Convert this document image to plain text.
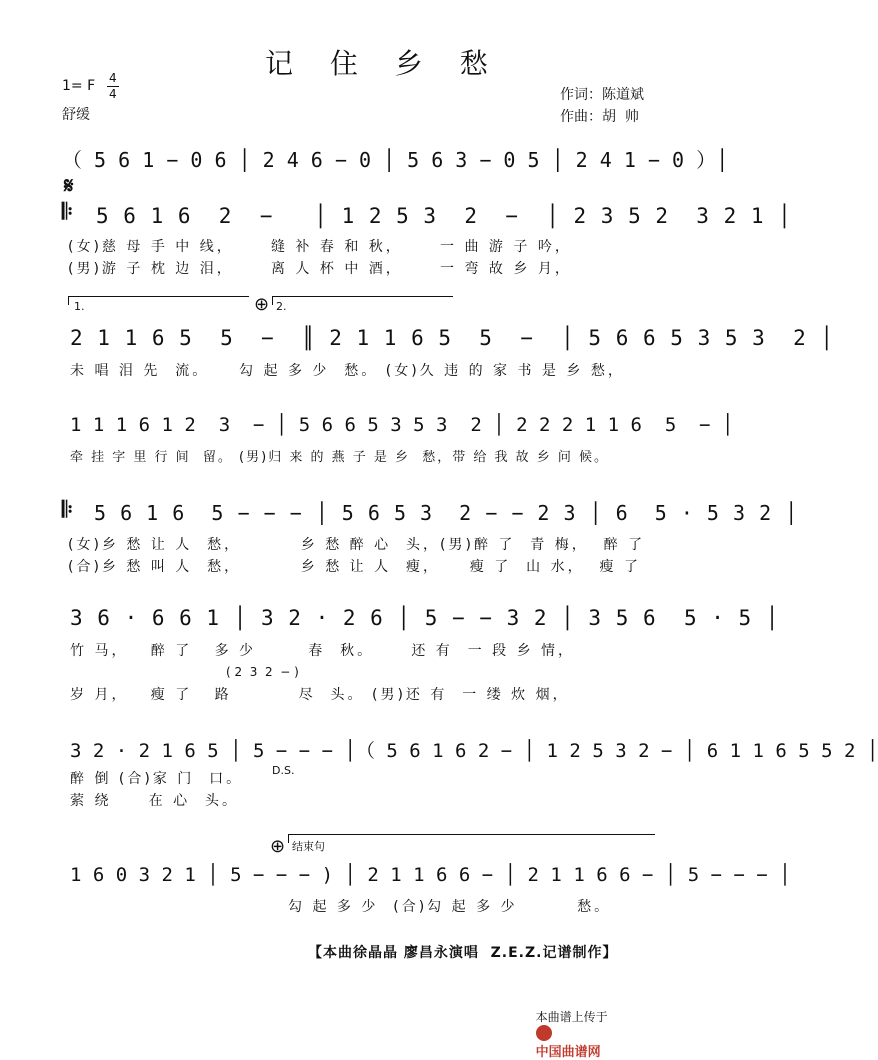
记 住 乡 愁
1= F 4
4
舒缓
作词：陈道斌
作曲：胡  帅
（ 5 6 1 − 0 6 │ 2 4 6 − 0 │ 5 6 3 − 0 5 │ 2 4 1 − 0 ）│
𝄋
𝄆 5 6 1 6  2  −   │ 1 2 5 3  2  −  │ 2 3 5 2  3 2 1 │
(女)慈 母 手 中 线，     缝 补 春 和 秋，     一 曲 游 子 吟，
(男)游 子 枕 边 泪，     离 人 杯 中 酒，     一 弯 故 乡 月，
1.	⊕ 2.
2 1 1 6 5  5  −  ║ 2 1 1 6 5  5  −  │ 5 6 6 5 3 5 3  2 │
未 唱 泪 先  流。    勾 起 多 少  愁。 (女)久 违 的 家 书 是 乡 愁，
1 1 1 6 1 2  3  − │ 5 6 6 5 3 5 3  2 │ 2 2 2 1 1 6  5  − │
牵 挂 字 里 行 间  留。 (男)归 来 的 燕 子 是 乡  愁，带 给 我 故 乡 问 候。
𝄆 5 6 1 6  5 − − − │ 5 6 5 3  2 − − 2 3 │ 6  5 · 5 3 2 │
(女)乡 愁 让 人  愁，        乡 愁 醉 心  头，(男)醉 了  青 梅，  醉 了
(合)乡 愁 叫 人  愁，        乡 愁 让 人  瘦，    瘦 了  山 水，  瘦 了
3 6 · 6 6 1 │ 3 2 · 2 6 │ 5 − − 3 2 │ 3 5 6  5 · 5 │
竹 马，   醉 了   多 少       春  秋。     还 有  一 段 乡 情，
( 2  3  2  − )
岁 月，   瘦 了   路         尽  头。 (男)还 有  一 缕 炊 烟，
3 2 · 2 1 6 5 │ 5 − − − │（ 5 6 1 6 2 − │ 1 2 5 3 2 − │ 6 1 1 6 5 5 2 │
醉 倒 (合)家 门  口。
萦 绕     在 心  头。
D.S.
⊕ 结束句
1 6 0 3 2 1 │ 5 − − − ) │ 2 1 1 6 6 − │ 2 1 1 6 6 − │ 5 − − − │
勾 起 多 少  (合)勾 起 多 少        愁。
【本曲徐晶晶 廖昌永演唱  Z.E.Z.记谱制作】

本曲谱上传于

中国曲谱网
